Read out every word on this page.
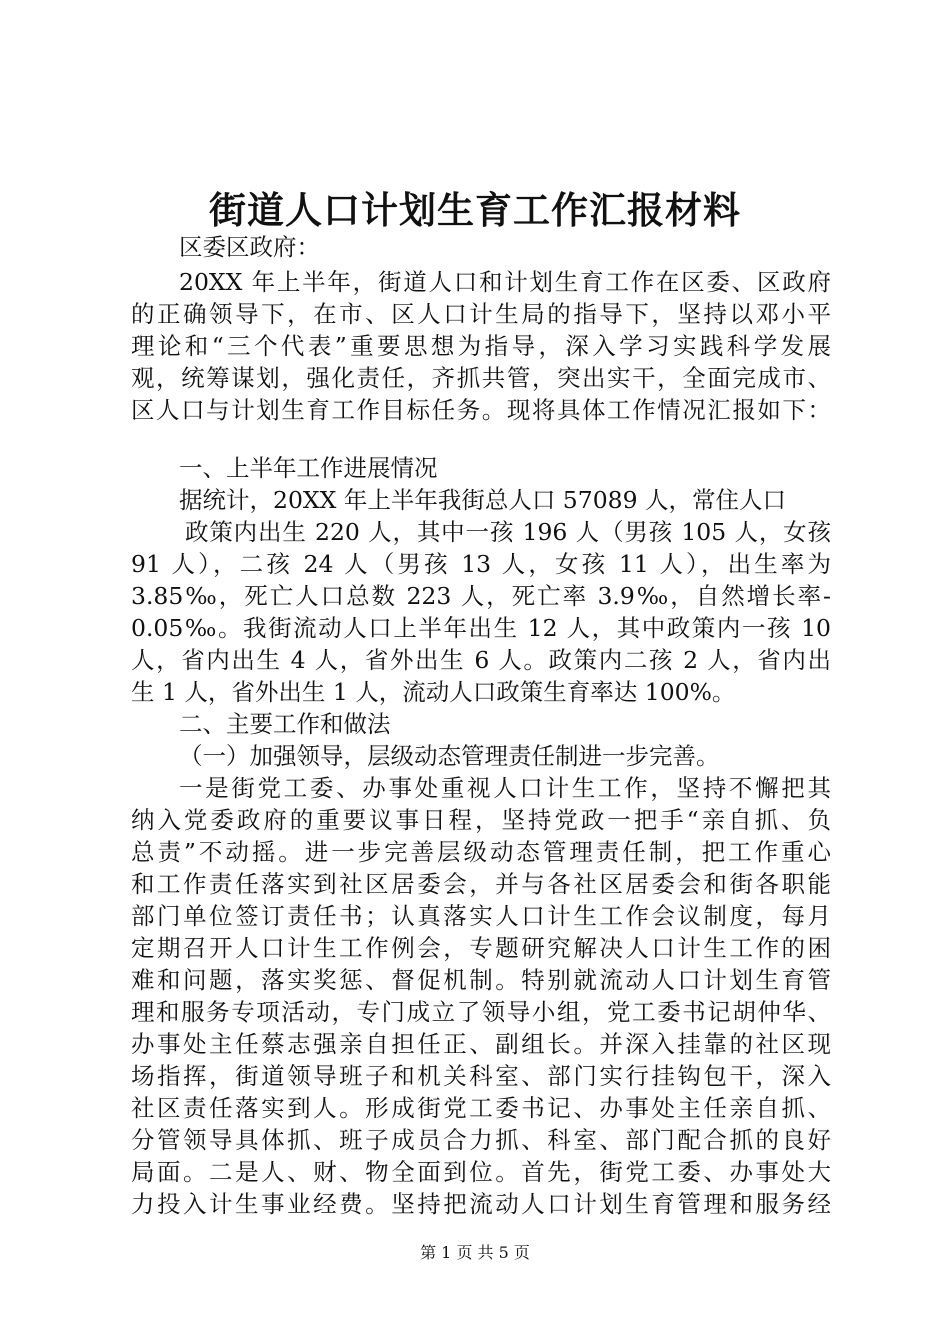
街道人口计划生育工作汇报材料
区委区政府：
20XX 年上半年，街道人口和计划生育工作在区委、区政府
的正确领导下，在市、区人口计生局的指导下，坚持以邓小平
理论和“三个代表”重要思想为指导，深入学习实践科学发展
观，统筹谋划，强化责任，齐抓共管，突出实干，全面完成市、
区人口与计划生育工作目标任务。现将具体工作情况汇报如下：
一、上半年工作进展情况
据统计，20XX 年上半年我街总人口 57089 人，常住人口
政策内出生 220 人，其中一孩 196 人（男孩 105 人，女孩
91 人），二孩 24 人（男孩 13 人，女孩 11 人），出生率为
3.85‰，死亡人口总数 223 人，死亡率 3.9‰，自然增长率-
0.05‰。我街流动人口上半年出生 12 人，其中政策内一孩 10
人，省内出生 4 人，省外出生 6 人。政策内二孩 2 人，省内出
生 1 人，省外出生 1 人，流动人口政策生育率达 100%。
二、主要工作和做法
（一）加强领导，层级动态管理责任制进一步完善。
一是街党工委、办事处重视人口计生工作，坚持不懈把其
纳入党委政府的重要议事日程，坚持党政一把手“亲自抓、负
总责”不动摇。进一步完善层级动态管理责任制，把工作重心
和工作责任落实到社区居委会，并与各社区居委会和街各职能
部门单位签订责任书；认真落实人口计生工作会议制度，每月
定期召开人口计生工作例会，专题研究解决人口计生工作的困
难和问题，落实奖惩、督促机制。特别就流动人口计划生育管
理和服务专项活动，专门成立了领导小组，党工委书记胡仲华、
办事处主任蔡志强亲自担任正、副组长。并深入挂靠的社区现
场指挥，街道领导班子和机关科室、部门实行挂钩包干，深入
社区责任落实到人。形成街党工委书记、办事处主任亲自抓、
分管领导具体抓、班子成员合力抓、科室、部门配合抓的良好
局面。二是人、财、物全面到位。首先，街党工委、办事处大
力投入计生事业经费。坚持把流动人口计划生育管理和服务经
第 1 页 共 5 页
